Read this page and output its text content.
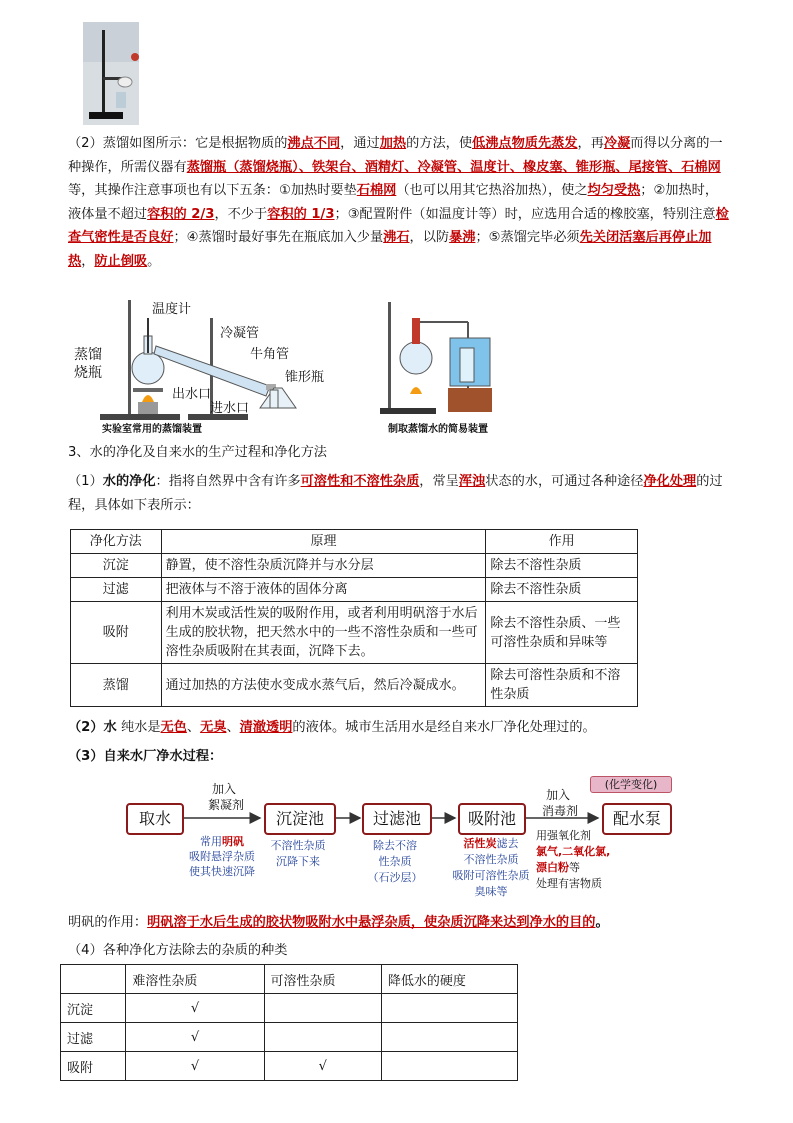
（2）蒸馏如图所示：它是根据物质的沸点不同，通过加热的方法，使低沸点物质先蒸发，再冷凝而得以分离的一种操作，所需仪器有蒸馏瓶（蒸馏烧瓶）、铁架台、酒精灯、冷凝管、温度计、橡皮塞、锥形瓶、尾接管、石棉网等，其操作注意事项也有以下五条：①加热时要垫石棉网（也可以用其它热浴加热），使之均匀受热；②加热时，液体量不超过容积的 2/3，不少于容积的 1/3；③配置附件（如温度计等）时，应选用合适的橡胶塞，特别注意检查气密性是否良好；④蒸馏时最好事先在瓶底加入少量沸石，以防暴沸；⑤蒸馏完毕必须先关闭活塞后再停止加热，防止倒吸。
温度计
冷凝管
蒸馏
烧瓶
牛角管
出水口
进水口
锥形瓶
实验室常用的蒸馏装置	制取蒸馏水的简易装置
3、水的净化及自来水的生产过程和净化方法
（1）水的净化：指将自然界中含有许多可溶性和不溶性杂质，常呈浑浊状态的水，可通过各种途径净化处理的过程，具体如下表所示：
净化方法	原理	作用
沉淀	静置，使不溶性杂质沉降并与水分层	除去不溶性杂质
过滤	把液体与不溶于液体的固体分离	除去不溶性杂质
吸附	利用木炭或活性炭的吸附作用，或者利用明矾溶于水后生成的胶状物，把天然水中的一些不溶性杂质和一些可溶性杂质吸附在其表面，沉降下去。	除去不溶性杂质、一些可溶性杂质和异味等
蒸馏	通过加热的方法使水变成水蒸气后，然后冷凝成水。	除去可溶性杂质和不溶性杂质
（2）水 纯水是无色、无臭、清澈透明的液体。城市生活用水是经自来水厂净化处理过的。
（3）自来水厂净水过程：
取水	沉淀池	过滤池	吸附池	配水泵
加入
絮凝剂
加入
消毒剂
(化学变化)
常用明矾
吸附悬浮杂质
使其快速沉降
不溶性杂质
沉降下来
除去不溶
性杂质
（石沙层）
活性炭滤去
不溶性杂质
吸附可溶性杂质
臭味等
用强氧化剂
氯气,二氧化氯,
漂白粉等
处理有害物质
明矾的作用：明矾溶于水后生成的胶状物吸附水中悬浮杂质，使杂质沉降来达到净水的目的。
（4）各种净化方法除去的杂质的种类
	难溶性杂质	可溶性杂质	降低水的硬度
沉淀	√		
过滤	√		
吸附	√	√	
